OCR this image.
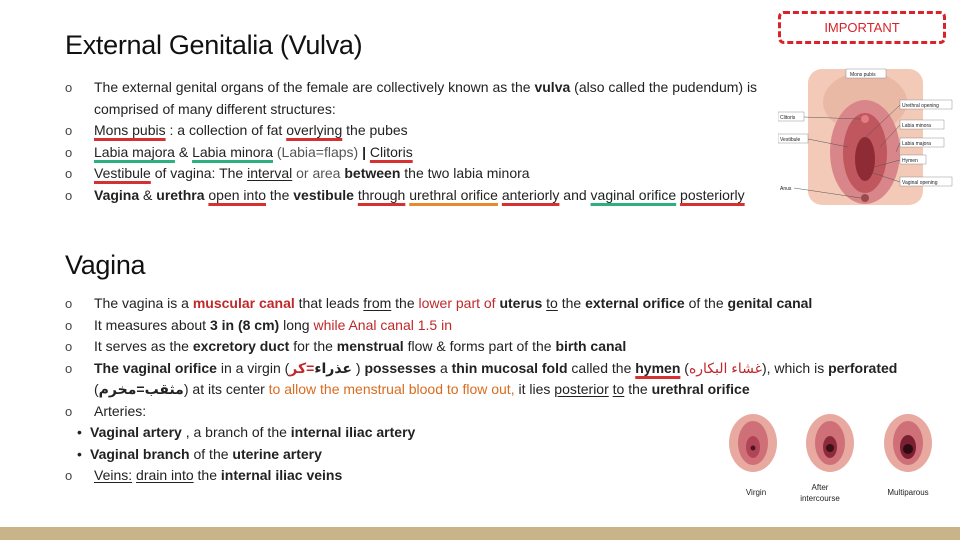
IMPORTANT
External Genitalia (Vulva)
o The external genital organs of the female are collectively known as the vulva (also called the pudendum) is comprised of many different structures:
o Mons pubis : a collection of fat overlying the pubes
o Labia majora & Labia minora (Labia=flaps) | Clitoris
o Vestibule of vagina: The interval or area between the two labia minora
o Vagina & urethra open into the vestibule through urethral orifice anteriorly and vaginal orifice posteriorly
Mons pubis
Clitoris
Vestibule
Anus
Urethral opening
Labia minora
Labia majora
Hymen
Vaginal opening
Vagina
o The vagina is a muscular canal that leads from the lower part of uterus to the external orifice of the genital canal
o It measures about 3 in (8 cm) long while Anal canal 1.5 in
o It serves as the excretory duct for the menstrual flow & forms part of the birth canal
o The vaginal orifice in a virgin ( عذراء=كر	) possesses a thin mucosal fold called the hymen (غشاء البكاره), which is perforated (مثقب=مخرم) at its center to allow the menstrual blood to flow out, it lies posterior to the urethral orifice
o Arteries:
• Vaginal artery , a branch of the internal iliac artery
• Vaginal branch of the uterine artery
o Veins: drain into the internal iliac veins
Virgin
After
intercourse
Multiparous
